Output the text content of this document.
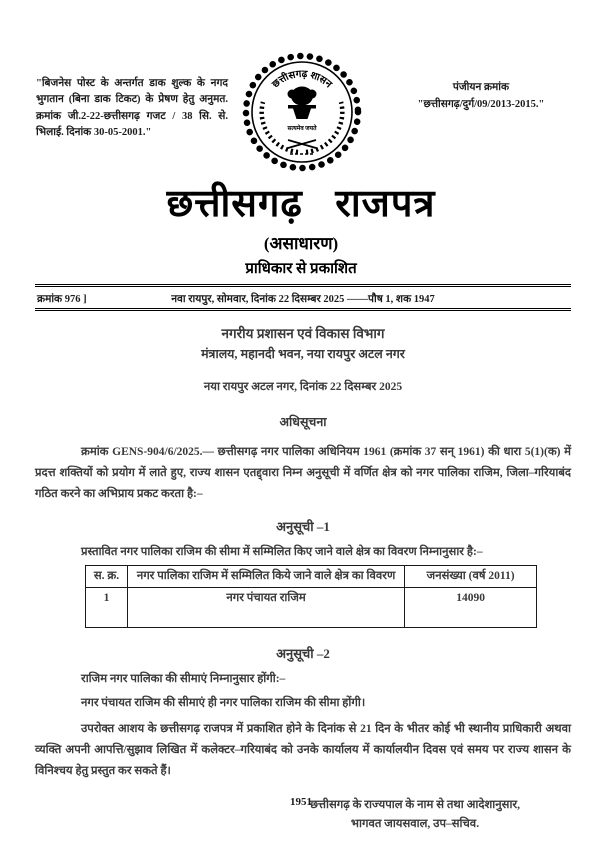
"बिजनेस पोस्ट के अन्तर्गत डाक शुल्क के नगद भुगतान (बिना डाक टिकट) के प्रेषण हेतु अनुमत. क्रमांक जी.2-22-छत्तीसगढ़ गजट / 38 सि. से. भिलाई. दिनांक 30-05-2001."
पंजीयन क्रमांक
"छत्तीसगढ़/दुर्ग/09/2013-2015."
छत्तीसगढ़ शासन
सत्यमेव जयते
छत्तीसगढ़ राजपत्र
(असाधारण)
प्राधिकार से प्रकाशित
क्रमांक 976 ]	नवा रायपुर, सोमवार, दिनांक 22 दिसम्बर 2025 ——पौष 1, शक 1947
नगरीय प्रशासन एवं विकास विभाग
मंत्रालय, महानदी भवन, नया रायपुर अटल नगर
नया रायपुर अटल नगर, दिनांक 22 दिसम्बर 2025
अधिसूचना

क्रमांक GENS-904/6/2025.— छत्तीसगढ़ नगर पालिका अधिनियम 1961 (क्रमांक 37 सन् 1961) की धारा 5(1)(क) में प्रदत्त शक्तियों को प्रयोग में लाते हुए, राज्य शासन एतद्द्वारा निम्न अनुसूची में वर्णित क्षेत्र को नगर पालिका राजिम, जिला–गरियाबंद गठित करने का अभिप्राय प्रकट करता है:–

अनुसूची –1
प्रस्तावित नगर पालिका राजिम की सीमा में सम्मिलित किए जाने वाले क्षेत्र का विवरण निम्नानुसार है:–
स. क्र.	नगर पालिका राजिम में सम्मिलित किये जाने वाले क्षेत्र का विवरण	जनसंख्या (वर्ष 2011)
1	नगर पंचायत राजिम	14090
अनुसूची –2
राजिम नगर पालिका की सीमाएं निम्नानुसार होंगी:–
नगर पंचायत राजिम की सीमाएं ही नगर पालिका राजिम की सीमा होंगी।

उपरोक्त आशय के छत्तीसगढ़ राजपत्र में प्रकाशित होने के दिनांक से 21 दिन के भीतर कोई भी स्थानीय प्राधिकारी अथवा व्यक्ति अपनी आपत्ति/सुझाव लिखित में कलेक्टर–गरियाबंद को उनके कार्यालय में कार्यालयीन दिवस एवं समय पर राज्य शासन के विनिश्चय हेतु प्रस्तुत कर सकते हैं।

छत्तीसगढ़ के राज्यपाल के नाम से तथा आदेशानुसार,
भागवत जायसवाल, उप–सचिव.
1951
